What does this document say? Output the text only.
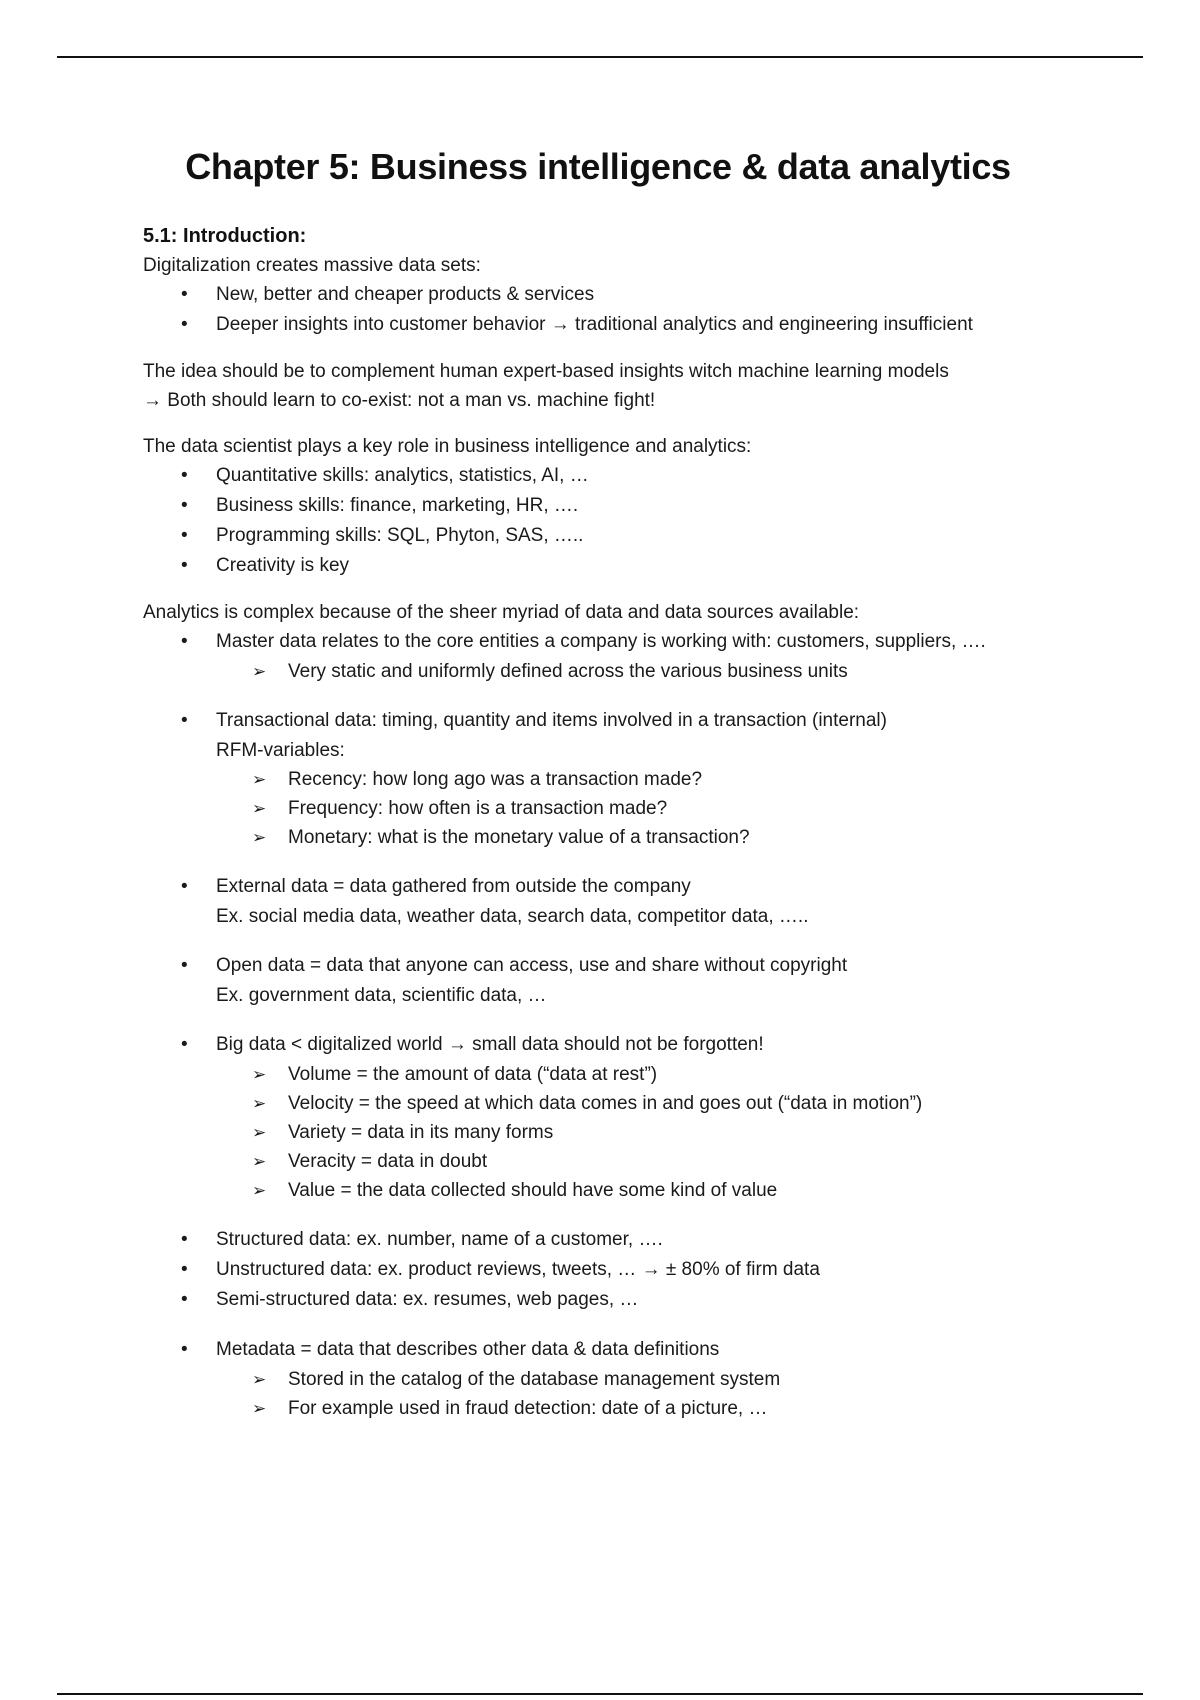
Chapter 5: Business intelligence & data analytics
5.1: Introduction:
Digitalization creates massive data sets:
• New, better and cheaper products & services
• Deeper insights into customer behavior → traditional analytics and engineering insufficient
The idea should be to complement human expert-based insights witch machine learning models
→ Both should learn to co-exist: not a man vs. machine fight!
The data scientist plays a key role in business intelligence and analytics:
• Quantitative skills: analytics, statistics, AI, …
• Business skills: finance, marketing, HR, ….
• Programming skills: SQL, Phyton, SAS, …..
• Creativity is key
Analytics is complex because of the sheer myriad of data and data sources available:
• Master data relates to the core entities a company is working with: customers, suppliers, ….
➢ Very static and uniformly defined across the various business units
• Transactional data: timing, quantity and items involved in a transaction (internal)
RFM-variables:
➢ Recency: how long ago was a transaction made?
➢ Frequency: how often is a transaction made?
➢ Monetary: what is the monetary value of a transaction?
• External data = data gathered from outside the company
Ex. social media data, weather data, search data, competitor data, …..
• Open data = data that anyone can access, use and share without copyright
Ex. government data, scientific data, …
• Big data < digitalized world → small data should not be forgotten!
➢ Volume = the amount of data (“data at rest”)
➢ Velocity = the speed at which data comes in and goes out (“data in motion”)
➢ Variety = data in its many forms
➢ Veracity = data in doubt
➢ Value = the data collected should have some kind of value
• Structured data: ex. number, name of a customer, ….
• Unstructured data: ex. product reviews, tweets, … → ± 80% of firm data
• Semi-structured data: ex. resumes, web pages, …
• Metadata = data that describes other data & data definitions
➢ Stored in the catalog of the database management system
➢ For example used in fraud detection: date of a picture, …
